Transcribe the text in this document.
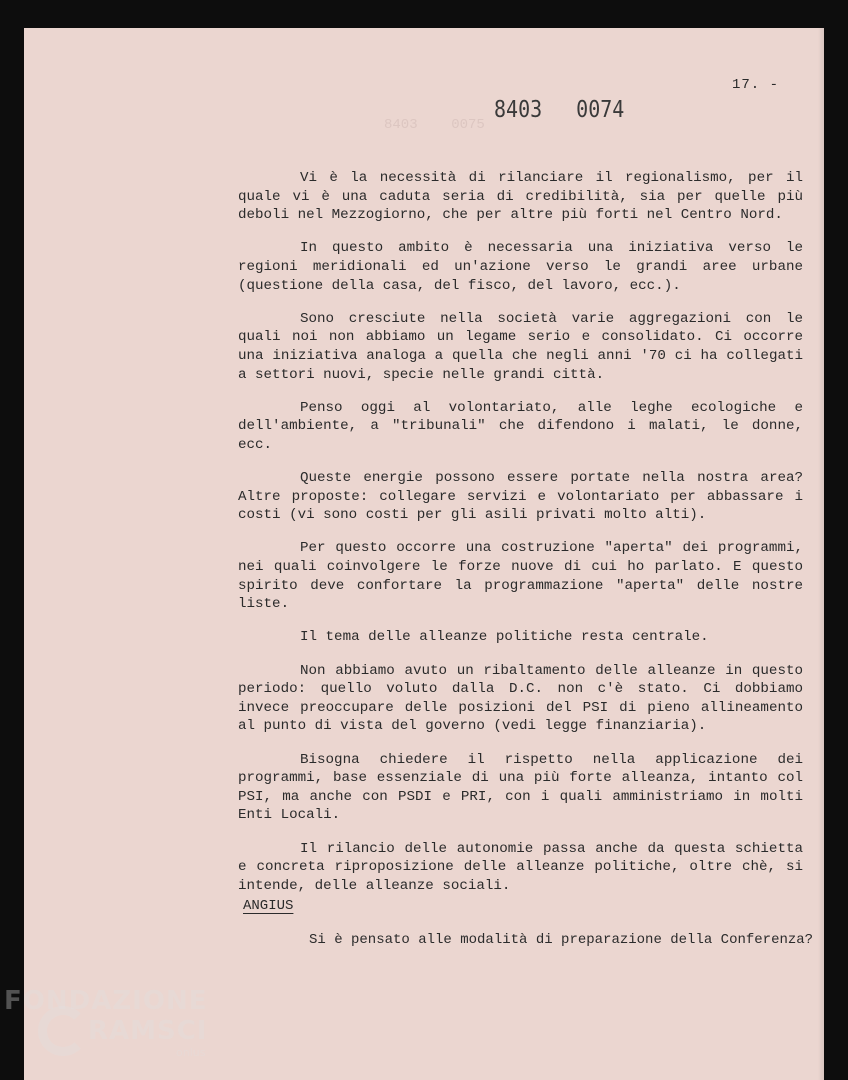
8403    0075
17. -
8403 0074

Vi è la necessità di rilanciare il regionalismo, per il quale vi è una caduta seria di credibilità, sia per quelle più deboli nel Mezzogiorno, che per altre più forti nel Centro Nord.

In questo ambito è necessaria una iniziativa verso le regioni meridionali ed un'azione verso le grandi aree urbane (questione della casa, del fisco, del lavoro, ecc.).

Sono cresciute nella società varie aggregazioni con le quali noi non abbiamo un legame serio e consolidato. Ci occorre una iniziativa analoga a quella che negli anni '70 ci ha collegati a settori nuovi, specie nelle grandi città.

Penso oggi al volontariato, alle leghe ecologiche e dell'ambiente, a "tribunali" che difendono i malati, le donne, ecc.

Queste energie possono essere portate nella nostra area? Altre proposte: collegare servizi e volontariato per abbassare i costi (vi sono costi per gli asili privati molto alti).

Per questo occorre una costruzione "aperta" dei programmi, nei quali coinvolgere le forze nuove di cui ho parlato. E questo spirito deve confortare la programmazione "aperta" delle nostre liste.

Il tema delle alleanze politiche resta centrale.

Non abbiamo avuto un ribaltamento delle alleanze in questo periodo: quello voluto dalla D.C. non c'è stato. Ci dobbiamo invece preoccupare delle posizioni del PSI di pieno allineamento al punto di vista del governo (vedi legge finanziaria).

Bisogna chiedere il rispetto nella applicazione dei programmi, base essenziale di una più forte alleanza, intanto col PSI, ma anche con PSDI e PRI, con i quali amministriamo in molti Enti Locali.

Il rilancio delle autonomie passa anche da questa schietta e concreta riproposizione delle alleanze politiche, oltre chè, si intende, delle alleanze sociali.

ANGIUS
Si è pensato alle modalità di preparazione della Conferenza?
FONDAZIONE
RAMSCI
onlus
